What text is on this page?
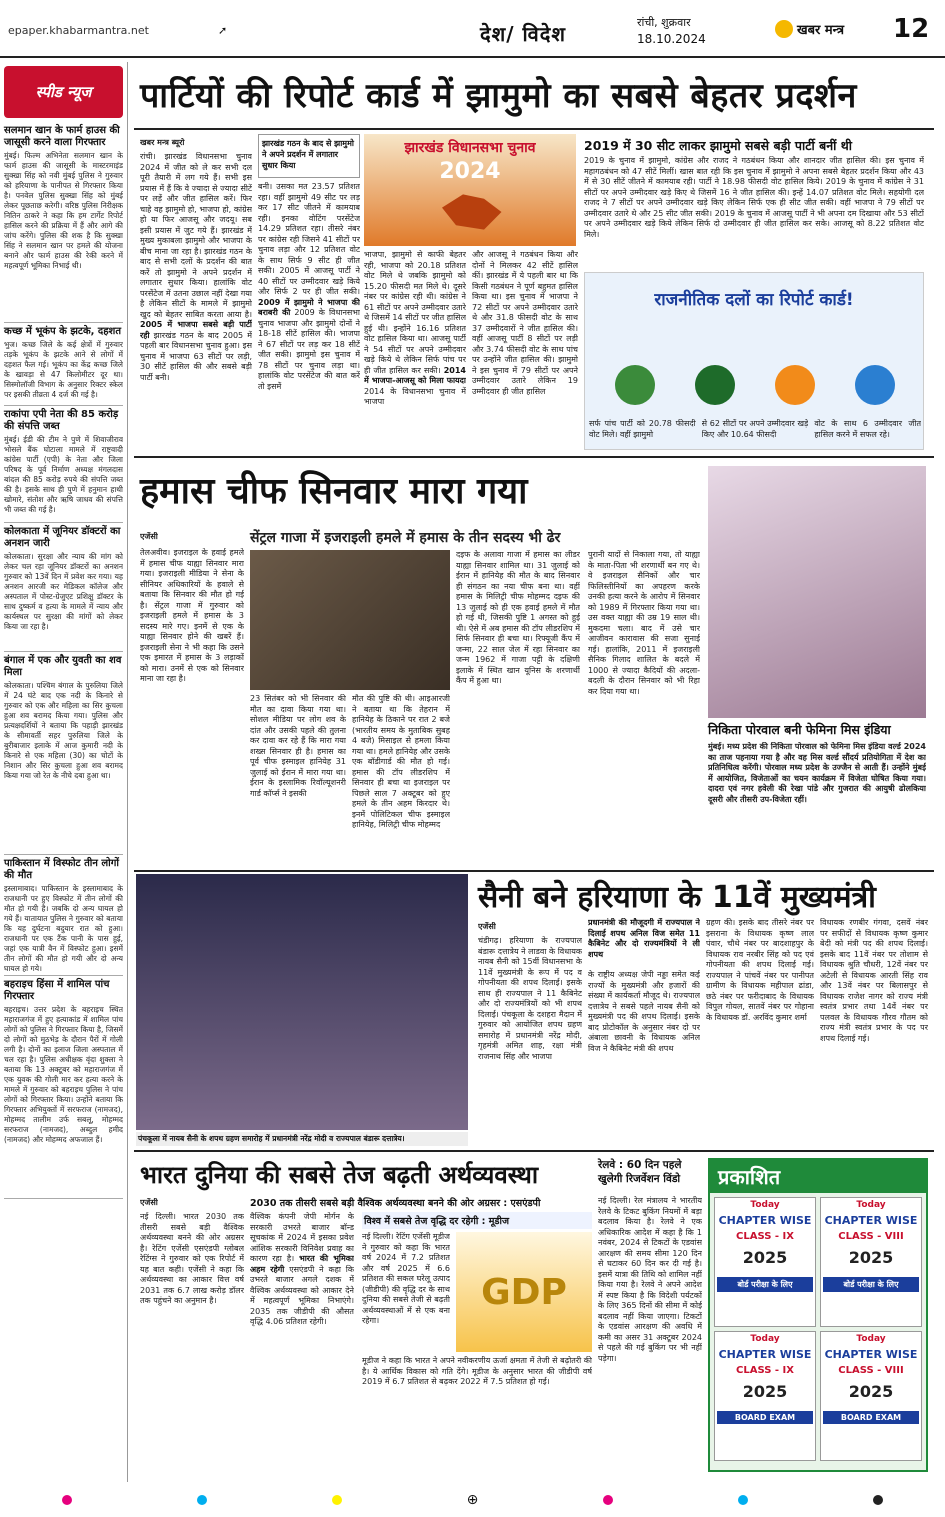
epaper.khabarmantra.net	➚	देश/ विदेश	रांची, शुक्रवार
18.10.2024
खबर मन्त्र 12
स्पीड न्यूज
सलमान खान के फार्म हाउस की जासूसी करने वाला गिरफ्तार
मुंबई। फिल्म अभिनेता सलमान खान के फार्म हाउस की जासूसी के मास्टरमाइंड सुक्खा सिंह को नवी मुंबई पुलिस ने गुरुवार को हरियाणा के पानीपत से गिरफ्तार किया है। पनवेल पुलिस सुक्खा सिंह को मुंबई लेकर पूछताछ करेगी। वरिष्ठ पुलिस निरीक्षक नितिन ठाकरे ने कहा कि हम टार्गेट रिपोर्ट हासिल करने की प्रक्रिया में हैं और आगे की जांच करेंगे। पुलिस की शक है कि सुक्खा सिंह ने सलमान खान पर हमले की योजना बनाने और फार्म हाउस की रेकी करने में महत्वपूर्ण भूमिका निभाई थी।
कच्छ में भूकंप के झटके, दहशत
भुज। कच्छ जिले के कई क्षेत्रों में गुरुवार तड़के भूकंप के झटके आने से लोगों में दहशत फैल गई। भूकंप का केंद्र कच्छ जिले के खावड़ा से 47 किलोमीटर दूर था। सिस्मोलॉजी विभाग के अनुसार रिक्टर स्केल पर इसकी तीव्रता 4 दर्ज की गई है।
राकांपा एपी नेता की 85 करोड़ की संपत्ति जब्त
मुंबई। ईडी की टीम ने पुणे में शिवाजीराव भोसले बैंक घोटाला मामले में राष्ट्रवादी कांग्रेस पार्टी (एपी) के नेता और जिला परिषद के पूर्व निर्माण अध्यक्ष मंगलदास बांदल की 85 करोड़ रुपये की संपत्ति जब्त की है। इसके साथ ही पुणे में हनुमान हाथी खोमारे, संतोश और ऋषि जाधव की संपत्ति भी जब्त की गई है।
कोलकाता में जूनियर डॉक्टरों का अनशन जारी
कोलकाता। सुरक्षा और न्याय की मांग को लेकर चल रहा जूनियर डॉक्टरों का अनशन गुरुवार को 13वें दिन में प्रवेश कर गया। यह अनशन आरजी कर मेडिकल कॉलेज और अस्पताल में पोस्ट-ग्रेजुएट प्रशिक्षु डॉक्टर के साथ दुष्कर्म व हत्या के मामले में न्याय और कार्यस्थल पर सुरक्षा की मांगों को लेकर किया जा रहा है।
बंगाल में एक और युवती का शव मिला
कोलकाता। पश्चिम बंगाल के पुरुलिया जिले में 24 घंटे बाद एक नदी के किनारे से गुरुवार को एक और महिला का सिर कुचला हुआ शव बरामद किया गया। पुलिस और प्रत्यक्षदर्शियों ने बताया कि पहाड़ी झारखंड के सीमावर्ती सहर पुरुलिया जिले के बुरीबाजार इलाके में आज कुमारी नदी के किनारे से एक महिला (30) का चोटों के निशान और सिर कुचला हुआ शव बरामद किया गया जो रेत के नीचे दबा हुआ था।
पाकिस्तान में विस्फोट तीन लोगों की मौत
इस्लामाबाद। पाकिस्तान के इस्लामाबाद के राजधानी पर हुए विस्फोट में तीन लोगों की मौत हो गयी है। जबकि दो अन्य घायल हो गये हैं। यातायात पुलिस ने गुरुवार को बताया कि यह दुर्घटना बदुयार रात को हुआ। राजधानी पर एक टैंक पानी के पास हुई, जहां एक यात्री वैन में विस्फोट हुआ। इसमें तीन लोगों की मौत हो गयी और दो अन्य घायल हो गये।
बहराइच हिंसा में शामिल पांच गिरफ्तार
बहराइच। उत्तर प्रदेश के बहराइच स्थित महाराजगंज में हुए हत्याकांड में शामिल पांच लोगों को पुलिस ने गिरफ्तार किया है, जिसमें दो लोगों को मुठभेड़ के दौरान पैरों में गोली लगी है। दोनों का इलाज जिला अस्पताल में चल रहा है। पुलिस अधीक्षक वृंदा शुक्ला ने बताया कि 13 अक्टूबर को महाराजगंज में एक युवक की गोली मार कर हत्या करने के मामले में गुरुवार को बहराइच पुलिस ने पांच लोगों को गिरफ्तार किया। उन्होंने बताया कि गिरफ्तार अभियुक्तों में सरफराज (नामजद), मोहम्मद तालीम उर्फ सबलू, मोहम्मद सरफराज (नामजद), अब्दुल हमीद (नामजद) और मोहम्मद अफजाल हैं।
पार्टियों की रिपोर्ट कार्ड में झामुमो का सबसे बेहतर प्रदर्शन
खबर मन्त्र ब्यूरो
रांची। झारखंड विधानसभा चुनाव 2024 में जीत को ले कर सभी दल पूरी तैयारी में लग गये हैं। सभी इस प्रयास में हैं कि वे ज्यादा से ज्यादा सीटें पर लड़ें और जीत हासिल करें। फिर चाहे वह झामुमो हो, भाजपा हो, कांग्रेस हो या फिर आजसू और जदयू। सब इसी प्रयास में जुट गये हैं। झारखंड में मुख्य मुकाबला झामुमो और भाजपा के बीच माना जा रहा है। झारखंड गठन के बाद से सभी दलों के प्रदर्शन की बात करें तो झामुमो ने अपने प्रदर्शन में लगातार सुधार किया। हालांकि वोट परसेंटेज में उतना उछाल नहीं देखा गया है लेकिन सीटों के मामले में झामुमो खुद को बेहतर साबित करता आया है। 2005 में भाजपा सबसे बड़ी पार्टी रही झारखंड गठन के बाद 2005 में पहली बार विधानसभा चुनाव हुआ। इस चुनाव में भाजपा 63 सीटों पर लड़ी, 30 सीटें हासिल की और सबसे बड़ी पार्टी बनी।
झारखंड गठन के बाद से झामुमो ने अपने प्रदर्शन में लगातार सुधार किया
बनी। उसका मत 23.57 प्रतिशत रहा। वहीं झामुमो 49 सीट पर लड़ कर 17 सीट जीतने में कामयाब रही। इनका वोटिंग परसेंटेज 14.29 प्रतिशत रहा। तीसरे नंबर पर कांग्रेस रही जिसने 41 सीटों पर चुनाव लड़ा और 12 प्रतिशत वोट के साथ सिर्फ 9 सीट ही जीत सकी। 2005 में आजसू पार्टी ने 40 सीटों पर उम्मीदवार खड़े किये और सिर्फ 2 पर ही जीत सकी। 2009 में झामुमो ने भाजपा की बराबरी की 2009 के विधानसभा चुनाव भाजपा और झामुमो दोनों ने 18-18 सीटें हासिल की। भाजपा ने 67 सीटों पर लड़ कर 18 सीटें जीत सकी। झामुमो इस चुनाव में 78 सीटों पर चुनाव लड़ा था। हालांकि वोट परसेंटेज की बात करें तो इसमें
झारखंड विधानसभा चुनाव
2024
भाजपा, झामुमो से काफी बेहतर रही, भाजपा को 20.18 प्रतिशत वोट मिले थे जबकि झामुमो को 15.20 फीसदी मत मिले थे। दूसरे नंबर पर कांग्रेस रही थी। कांग्रेस ने 61 सीटों पर अपने उम्मीदवार उतारे थे जिसमें 14 सीटों पर जीत हासिल हुई थी। इन्होंने 16.16 प्रतिशत वोट हासिल किया था। आजसू पार्टी ने 54 सीटों पर अपने उम्मीदवार खड़े किये थे लेकिन सिर्फ पांच पर ही जीत हासिल कर सकी। 2014 में भाजपा-आजसू को मिला फायदा 2014 के विधानसभा चुनाव में भाजपा
और आजसू ने गठबंधन किया और दोनों ने मिलकर 42 सीटें हासिल कीं। झारखंड में ये पहली बार था कि किसी गठबंधन ने पूर्ण बहुमत हासिल किया था। इस चुनाव में भाजपा ने 72 सीटों पर अपने उम्मीदवार उतारे थे और 31.8 फीसदी वोट के साथ 37 उम्मीदवारों ने जीत हासिल की। वहीं आजसू पार्टी 8 सीटों पर लड़ी और 3.74 फीसदी वोट के साथ पांच पर उन्होंने जीत हासिल की। झामुमो ने इस चुनाव में 79 सीटों पर अपने उम्मीदवार उतारे लेकिन 19 उम्मीदवार ही जीत हासिल
2019 में 30 सीट लाकर झामुमो सबसे बड़ी पार्टी बनीं थी
2019 के चुनाव में झामुमो, कांग्रेस और राजद ने गठबंधन किया और शानदार जीत हासिल की। इस चुनाव में महागठबंधन को 47 सीटें मिलीं। खास बात रही कि इस चुनाव में झामुमो ने अपना सबसे बेहतर प्रदर्शन किया और 43 में से 30 सीटें जीतने में कामयाब रही। पार्टी ने 18.98 फीसदी वोट हासिल किये। 2019 के चुनाव में कांग्रेस ने 31 सीटों पर अपने उम्मीदवार खड़े किए थे जिसमें 16 ने जीत हासिल की। इन्हें 14.07 प्रतिशत वोट मिले। सहयोगी दल राजद ने 7 सीटों पर अपने उम्मीदवार खड़े किए लेकिन सिर्फ एक ही सीट जीत सकी। वहीं भाजपा ने 79 सीटों पर उम्मीदवार उतारे थे और 25 सीट जीत सकी। 2019 के चुनाव में आजसू पार्टी ने भी अपना दम दिखाया और 53 सीटों पर अपने उम्मीदवार खड़े किये लेकिन सिर्फ दो उम्मीदवार ही जीत हासिल कर सके। आजसू को 8.22 प्रतिशत वोट मिले।
राजनीतिक दलों का रिपोर्ट कार्ड!
सर्फ पांच पार्टी को 20.78 फीसदी वोट मिले। वहीं झामुमो
से 62 सीटों पर अपने उम्मीदवार खड़े किए और 10.64 फीसदी
वोट के साथ 6 उम्मीदवार जीत हासिल करने में सफल रहे।
हमास चीफ सिनवार मारा गया
सेंट्रल गाजा में इजराइली हमले में हमास के तीन सदस्य भी ढेर
एजेंसी
तेलअवीव। इजराइल के हवाई हमले में हमास चीफ याह्या सिनवार मारा गया। इजराइली मीडिया ने सेना के सीनियर अधिकारियों के हवाले से बताया कि सिनवार की मौत हो गई है। सेंट्रल गाजा में गुरुवार को इजराइली हमले में हमास के 3 सदस्य मारे गए। इनमें से एक के याह्या सिनवार होने की खबरें हैं। इजराइली सेना ने भी कहा कि उसने एक इमारत में हमास के 3 लड़ाकों को मारा। उनमें से एक को सिनवार माना जा रहा है।
23 सितंबर को भी सिनवार की मौत का दावा किया गया था। सोशल मीडिया पर लोग शव के दांत और उसकी पहले की तुलना कर दावा कर रहे हैं कि मारा गया शख्स सिनवार ही है। हमास का पूर्व चीफ इस्माइल हानियेह 31 जुलाई को ईरान में मारा गया था। ईरान के इस्लामिक रिवॉल्यूशनरी गार्ड कॉर्प्स ने इसकी
मौत की पुष्टि की थी। आइआरजी ने बताया था कि तेहरान में हानियेह के ठिकाने पर रात 2 बजे (भारतीय समय के मुताबिक सुबह 4 बजे) मिसाइल से हमला किया गया था। हमले हानियेह और उसके एक बॉडीगार्ड की मौत हो गई। हमास की टॉप लीडरशिप में सिनवार ही बचा था इजराइल पर पिछले साल 7 अक्टूबर को हुए हमले के तीन अहम किरदार थे। इनमें पोलिटिकल चीफ इस्माइल हानियेह, मिलिट्री चीफ मोहम्मद
दइफ के अलावा गाजा में हमास का लीडर याह्या सिनवार शामिल था। 31 जुलाई को ईरान में हानियेह की मौत के बाद सिनवार ही संगठन का नया चीफ बना था। वहीं हमास के मिलिट्री चीफ मोहम्मद दइफ की 13 जुलाई को ही एक हवाई हमले में मौत हो गई थी, जिसकी पुष्टि 1 अगस्त को हुई थी। ऐसे में अब हमास की टॉप लीडरशिप में सिर्फ सिनवार ही बचा था। रिफ्यूजी कैंप में जन्मा, 22 साल जेल में रहा सिनवार का जन्म 1962 में गाजा पट्टी के दक्षिणी इलाके में स्थित खान यूनिस के शरणार्थी कैंप में हुआ था।
पुरानी यादों से निकाला गया, तो याह्या के माता-पिता भी शरणार्थी बन गए थे। वे इजराइल सैनिकों और चार फिलिस्तीनियों का अपहरण करके उनकी हत्या करने के आरोप में सिनवार को 1989 में गिरफ्तार किया गया था। उस वक्त याह्या की उम्र 19 साल थी। मुकदमा चला। बाद में उसे चार आजीवन कारावास की सजा सुनाई गई। हालांकि, 2011 में इजराइली सैनिक गिलाद शालित के बदले में 1000 से ज्यादा कैदियों की अदला-बदली के दौरान सिनवार को भी रिहा कर दिया गया था।
निकिता पोरवाल बनी फेमिना मिस इंडिया
मुंबई। मध्य प्रदेश की निकिता पोरवाल को फेमिना मिस इंडिया वर्ल्ड 2024 का ताज पहनाया गया है और वह मिस वर्ल्ड सौंदर्य प्रतियोगिता में देश का प्रतिनिधित्व करेंगी। पोरवाल मध्य प्रदेश के उज्जैन से आती हैं। उन्होंने मुंबई में आयोजित, विजेताओं का चयन कार्यक्रम में विजेता घोषित किया गया। दादरा एवं नगर हवेली की रेखा पांडे और गुजरात की आयुषी ढोलकिया दूसरी और तीसरी उप-विजेता रहीं।
पंचकूला में नायब सैनी के शपथ ग्रहण समारोह में प्रधानमंत्री नरेंद्र मोदी व राज्यपाल बंडारू दत्तात्रेय।
सैनी बने हरियाणा के 11वें मुख्यमंत्री
एजेंसी
चंडीगढ़। हरियाणा के राज्यपाल बंडारू दत्तात्रेय ने लाडवा के विधायक नायब सैनी को 15वीं विधानसभा के 11वें मुख्यमंत्री के रूप में पद व गोपनीयता की शपथ दिलाई। इसके साथ ही राज्यपाल ने 11 कैबिनेट और दो राज्यमंत्रियों को भी शपथ दिलाई। पंचकूला के दशहरा मैदान में गुरुवार को आयोजित शपथ ग्रहण समारोह में प्रधानमंत्री नरेंद्र मोदी, गृहमंत्री अमित शाह, रक्षा मंत्री राजनाथ सिंह और भाजपा
प्रधानमंत्री की मौजूदगी में राज्यपाल ने दिलाई शपथ अनिल विज समेत 11 कैबिनेट और दो राज्यमंत्रियों ने ली शपथ
के राष्ट्रीय अध्यक्ष जेपी नड्डा समेत कई राज्यों के मुख्यमंत्री और हजारों की संख्या में कार्यकर्ता मौजूद थे। राज्यपाल दत्तात्रेय ने सबसे पहले नायब सैनी को मुख्यमंत्री पद की शपथ दिलाई। इसके बाद प्रोटोकॉल के अनुसार नंबर दो पर अंबाला छावनी के विधायक अनिल विज ने कैबिनेट मंत्री की शपथ
ग्रहण की। इसके बाद तीसरे नंबर पर इसराना के विधायक कृष्ण लाल पंवार, चौथे नंबर पर बादशाहपुर के विधायक राव नरबीर सिंह को पद एवं गोपनीयता की शपथ दिलाई गई। राज्यपाल ने पांचवें नंबर पर पानीपत ग्रामीण के विधायक महीपाल ढांडा, छठे नंबर पर फरीदाबाद के विधायक विपुल गोयल, सातवें नंबर पर गोहाना के विधायक डॉ. अरविंद कुमार शर्मा
विधायक रणबीर गंगवा, दसवें नंबर पर सफीदों से विधायक कृष्ण कुमार बेदी को मंत्री पद की शपथ दिलाई। इसके बाद 11वें नंबर पर तोशाम से विधायक श्रुति चौधरी, 12वें नंबर पर अटेली से विधायक आरती सिंह राव और 13वें नंबर पर बिलासपुर से विधायक राजेश नागर को राज्य मंत्री स्वतंत्र प्रभार तथा 14वें नंबर पर पलवल के विधायक गौरव गौतम को राज्य मंत्री स्वतंत्र प्रभार के पद पर शपथ दिलाई गई।
भारत दुनिया की सबसे तेज बढ़ती अर्थव्यवस्था
2030 तक तीसरी सबसे बड़ी वैश्विक अर्थव्यवस्था बनने की ओर अग्रसर : एसएंडपी
एजेंसी
नई दिल्ली। भारत 2030 तक तीसरी सबसे बड़ी वैश्विक अर्थव्यवस्था बनने की ओर अग्रसर है। रेटिंग एजेंसी एसएंडपी ग्लोबल रेटिंग्स ने गुरुवार को एक रिपोर्ट में यह बात कही। एजेंसी ने कहा कि अर्थव्यवस्था का आकार वित्त वर्ष 2031 तक 6.7 लाख करोड़ डॉलर तक पहुंचने का अनुमान है।
वैश्विक कंपनी जेपी मोर्गन के सरकारी उभरते बाजार बॉन्ड सूचकांक में 2024 में इसका प्रवेश आंशिक सरकारी विनिवेश प्रवाह का कारण रहा है। भारत की भूमिका अहम रहेगी एसएंडपी ने कहा कि उभरते बाजार अगले दशक में वैश्विक अर्थव्यवस्था को आकार देने में महत्वपूर्ण भूमिका निभाएंगे। 2035 तक जीडीपी की औसत वृद्धि 4.06 प्रतिशत रहेगी।
विश्व में सबसे तेज वृद्धि दर रहेगी : मूडीज
नई दिल्ली। रेटिंग एजेंसी मूडीज ने गुरुवार को कहा कि भारत वर्ष 2024 में 7.2 प्रतिशत और वर्ष 2025 में 6.6 प्रतिशत की सकल घरेलू उत्पाद (जीडीपी) की वृद्धि दर के साथ दुनिया की सबसे तेजी से बढ़ती अर्थव्यवस्थाओं में से एक बना रहेगा।
GDP
मूडीज ने कहा कि भारत ने अपने नवीकरणीय ऊर्जा क्षमता में तेजी से बढ़ोतरी की है। ये आर्थिक विकास को गति देंगे। मूडीज के अनुसार भारत की जीडीपी वर्ष 2019 में 6.7 प्रतिशत से बढ़कर 2022 में 7.5 प्रतिशत हो गई।
रेलवे : 60 दिन पहले खुलेगी रिजर्वेशन विंडो
नई दिल्ली। रेल मंत्रालय ने भारतीय रेलवे के टिकट बुकिंग नियमों में बड़ा बदलाव किया है। रेलवे ने एक अधिकारिक आदेश में कहा है कि 1 नवंबर, 2024 से टिकटों के एडवांस आरक्षण की समय सीमा 120 दिन से घटाकर 60 दिन कर दी गई है। इसमें यात्रा की तिथि को शामिल नहीं किया गया है। रेलवे ने अपने आदेश में स्पष्ट किया है कि विदेशी पर्यटकों के लिए 365 दिनों की सीमा में कोई बदलाव नहीं किया जाएगा। टिकटों के एडवांस आरक्षण की अवधि में कमी का असर 31 अक्टूबर 2024 से पहले की गई बुकिंग पर भी नहीं पड़ेगा।
प्रकाशित
Today
CHAPTER WISE
CLASS - IX
2025
बोर्ड परीक्षा के लिए
Today
CHAPTER WISE
CLASS - VIII
2025
बोर्ड परीक्षा के लिए
Today
CHAPTER WISE
CLASS - IX
2025
BOARD EXAM
Today
CHAPTER WISE
CLASS - VIII
2025
BOARD EXAM
⊕
